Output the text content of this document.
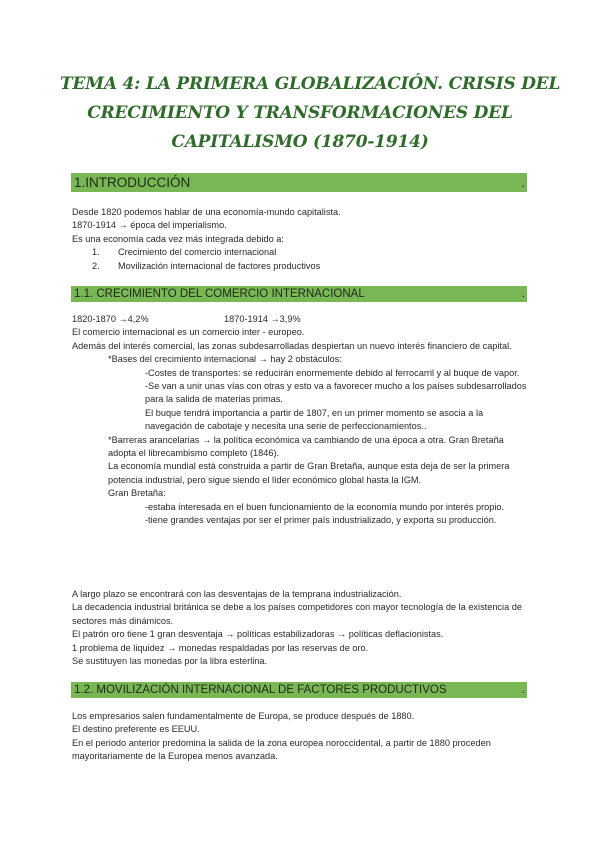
TEMA 4: LA PRIMERA GLOBALIZACIÓN. CRISIS DEL
CRECIMIENTO Y TRANSFORMACIONES DEL
CAPITALISMO (1870-1914)
1.INTRODUCCIÓN	.

Desde 1820 podemos hablar de una economía-mundo capitalista.

1870-1914 → época del imperialismo.

Es una economía cada vez más integrada debido a:

1. Crecimiento del comercio internacional
2. Movilización internacional de factores productivos
1.1. CRECIMIENTO DEL COMERCIO INTERNACIONAL	.
1820-1870 →4,2%	1870-1914 →3,9%

El comercio internacional es un comercio inter - europeo.

Además del interés comercial, las zonas subdesarrolladas despiertan un nuevo interés financiero de capital.

*Bases del crecimiento internacional → hay 2 obstáculos:

-Costes de transportes: se reducirán enormemente debido al ferrocarril y al buque de vapor.

-Se van a unir unas vías con otras y esto va a favorecer mucho a los países subdesarrollados para la salida de materias primas.

El buque tendrá importancia a partir de 1807, en un primer momento se asocia a la navegación de cabotaje y necesita una serie de perfeccionamientos..

*Barreras arancelarias → la política económica va cambiando de una época a otra. Gran Bretaña adopta el librecambismo completo (1846).

La economía mundial está construida a partir de Gran Bretaña, aunque esta deja de ser la primera potencia industrial, pero sigue siendo el líder económico global hasta la IGM.

Gran Bretaña:

-estaba interesada en el buen funcionamiento de la economía mundo por interés propio.

-tiene grandes ventajas por ser el primer país industrializado, y exporta su producción.

A largo plazo se encontrará con las desventajas de la temprana industrialización.

La decadencia industrial británica se debe a los países competidores con mayor tecnología de la existencia de sectores más dinámicos.

El patrón oro tiene 1 gran desventaja → políticas estabilizadoras → políticas deflacionistas.

1 problema de liquidez → monedas respaldadas por las reservas de oro.

Se sustituyen las monedas por la libra esterlina.

1.2. MOVILIZACIÓN INTERNACIONAL DE FACTORES PRODUCTIVOS	.

Los empresarios salen fundamentalmente de Europa, se produce después de 1880.

El destino preferente es EEUU.

En el periodo anterior predomina la salida de la zona europea noroccidental, a partir de 1880 proceden mayoritariamente de la Europea menos avanzada.
